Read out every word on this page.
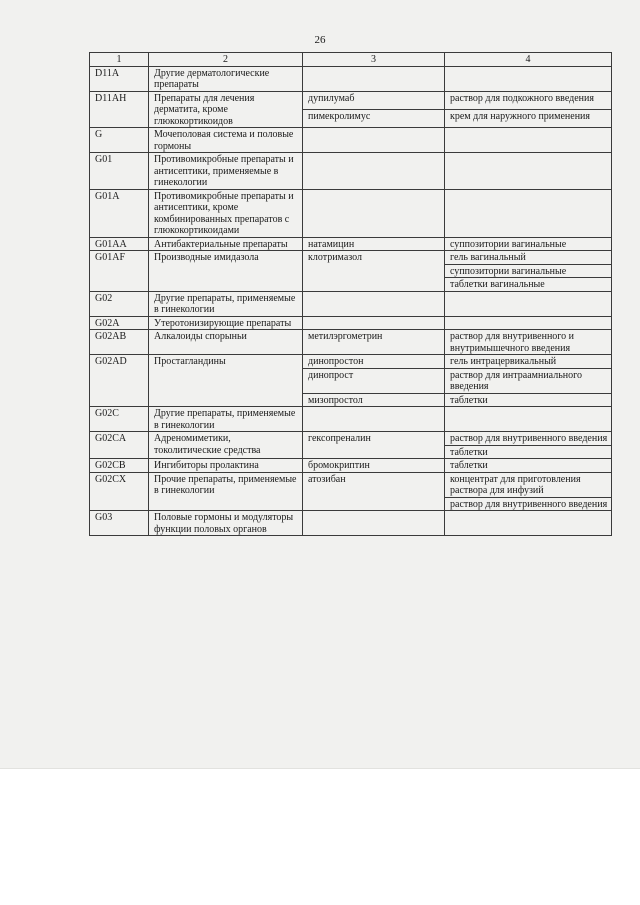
26
1	2	3	4
D11A	Другие дерматологические препараты		
D11AH	Препараты для лечения дерматита, кроме глюкокортикоидов	дупилумаб	раствор для подкожного введения
		пимекролимус	крем для наружного применения
G	Мочеполовая система и половые гормоны		
G01	Противомикробные препараты и антисептики, применяемые в гинекологии		
G01A	Противомикробные препараты и антисептики, кроме комбинированных препаратов с глюкокортикоидами		
G01AA	Антибактериальные препараты	натамицин	суппозитории вагинальные
G01AF	Производные имидазола	клотримазол	гель вагинальный
			суппозитории вагинальные
			таблетки вагинальные
G02	Другие препараты, применяемые в гинекологии		
G02A	Утеротонизирующие препараты		
G02AB	Алкалоиды спорыньи	метилэргометрин	раствор для внутривенного и внутримышечного введения
G02AD	Простагландины	динопростон	гель интрацервикальный
		динопрост	раствор для интраамниального введения
		мизопростол	таблетки
G02C	Другие препараты, применяемые в гинекологии		
G02CA	Адреномиметики, токолитические средства	гексопреналин	раствор для внутривенного введения
			таблетки
G02CB	Ингибиторы пролактина	бромокриптин	таблетки
G02CX	Прочие препараты, применяемые в гинекологии	атозибан	концентрат для приготовления раствора для инфузий
			раствор для внутривенного введения
G03	Половые гормоны и модуляторы функции половых органов		
